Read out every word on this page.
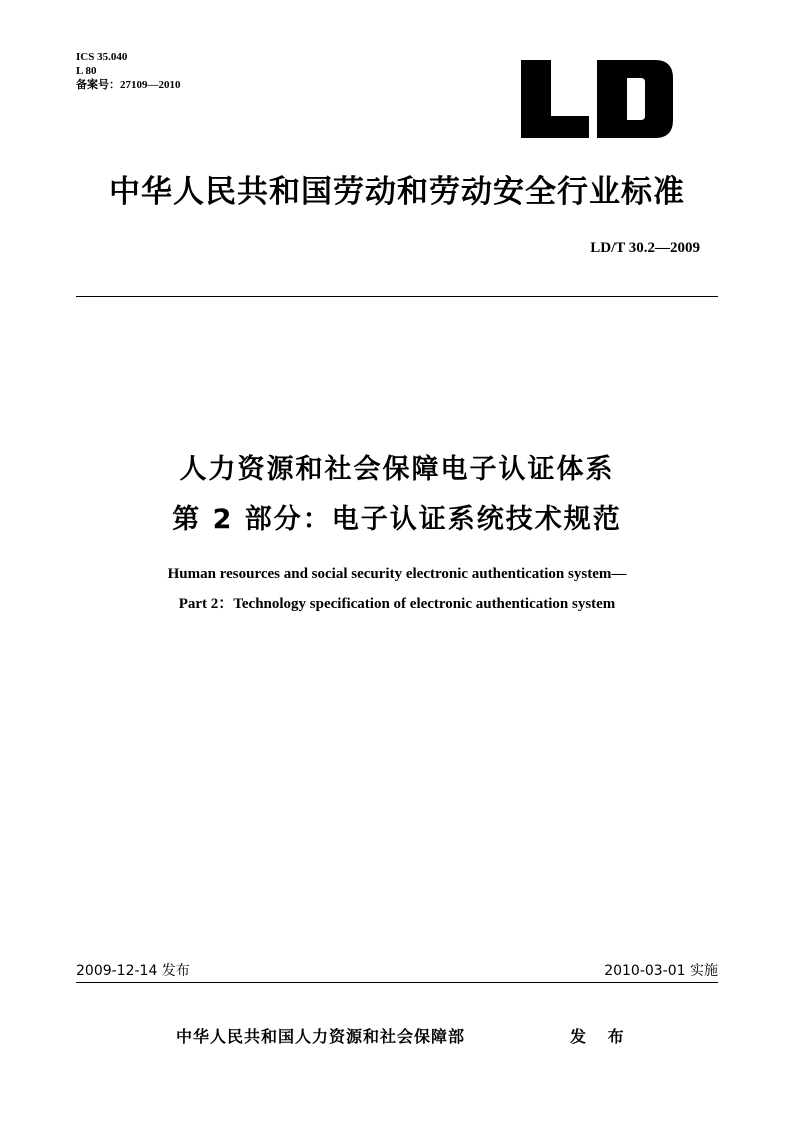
ICS 35.040
L 80
备案号：27109—2010
中华人民共和国劳动和劳动安全行业标准
LD/T 30.2—2009
人力资源和社会保障电子认证体系
第 2 部分：电子认证系统技术规范
Human resources and social security electronic authentication system—
Part 2：Technology specification of electronic authentication system
2009-12-14 发布	2010-03-01 实施
中华人民共和国人力资源和社会保障部	发 布
